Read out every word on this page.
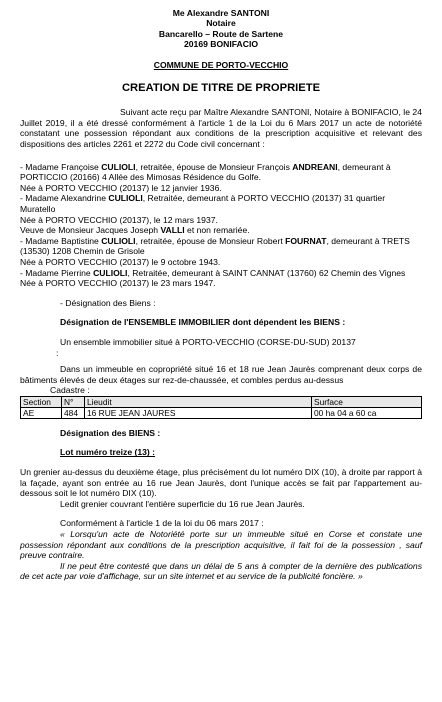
Me Alexandre SANTONI
Notaire
Bancarello – Route de Sartene
20169 BONIFACIO
COMMUNE DE PORTO-VECCHIO
CREATION DE TITRE DE PROPRIETE

Suivant acte reçu par Maître Alexandre SANTONI, Notaire à BONIFACIO, le 24 Juillet 2019, il a été dressé conformément à l'article 1 de la Loi du 6 Mars 2017 un acte de notoriété constatant une possession répondant aux conditions de la prescription acquisitive et relevant des dispositions des articles 2261 et 2272 du Code civil concernant :

- Madame Françoise CULIOLI, retraitée, épouse de Monsieur François ANDREANI, demeurant à PORTICCIO (20166) 4 Allée des Mimosas Résidence du Golfe.

Née à PORTO VECCHIO (20137) le 12 janvier 1936.

- Madame Alexandrine CULIOLI, Retraitée, demeurant à PORTO VECCHIO (20137) 31 quartier Muratello

Née à PORTO VECCHIO (20137), le 12 mars 1937.

Veuve de Monsieur Jacques Joseph VALLI et non remariée.

- Madame Baptistine CULIOLI, retraitée, épouse de Monsieur Robert FOURNAT, demeurant à TRETS (13530) 1208 Chemin de Grisole

Née à PORTO VECCHIO (20137) le 9 octobre 1943.

- Madame Pierrine CULIOLI, Retraitée, demeurant à SAINT CANNAT (13760) 62 Chemin des Vignes

Née à PORTO VECCHIO (20137) le 23 mars 1947.

- Désignation des Biens :

Désignation de l'ENSEMBLE IMMOBILIER dont dépendent les BIENS :

Un ensemble immobilier situé à PORTO-VECCHIO (CORSE-DU-SUD) 20137

:

Dans un immeuble en copropriété situé 16 et 18 rue Jean Jaurès comprenant deux corps de bâtiments élevés de deux étages sur rez-de-chaussée, et combles perdus au-dessus

Cadastre :

Section	N°	Lieudit	Surface
AE	484	16 RUE JEAN JAURES	00 ha 04 a 60 ca

Désignation des BIENS :

Lot numéro treize (13) :

Un grenier au-dessus du deuxième étage, plus précisément du lot numéro DIX (10), à droite par rapport à la façade, ayant son entrée au 16 rue Jean Jaurès, dont l'unique accès se fait par l'appartement au-dessous soit le lot numéro DIX (10).

Ledit grenier couvrant l'entière superficie du 16 rue Jean Jaurès.

Conformément à l'article 1 de la loi du 06 mars 2017 :

« Lorsqu'un acte de Notoriété porte sur un immeuble situé en Corse et constate une possession répondant aux conditions de la prescription acquisitive, il fait foi de la possession , sauf preuve contraire.

Il ne peut être contesté que dans un délai de 5 ans à compter de la dernière des publications de cet acte par voie d'affichage, sur un site internet et au service de la publicité foncière. »
